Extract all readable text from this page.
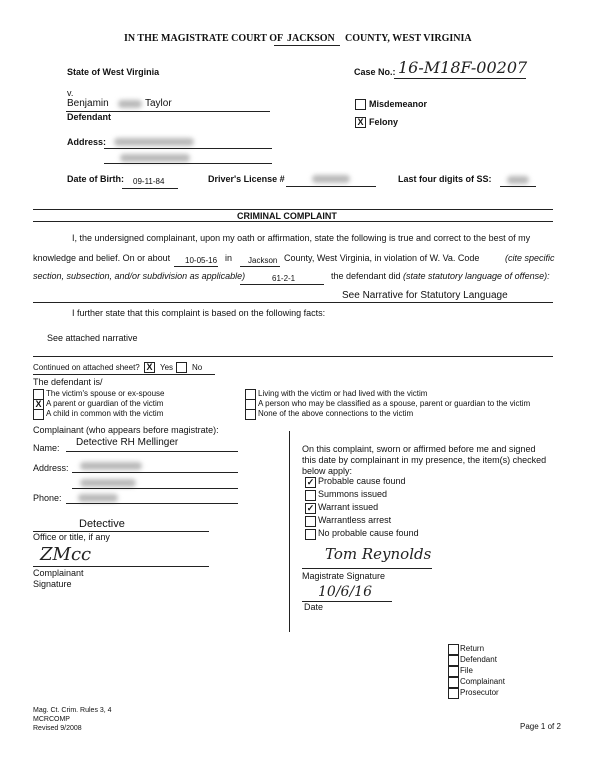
IN THE MAGISTRATE COURT OF JACKSON COUNTY, WEST VIRGINIA
State of West Virginia
v.
Benjamin	Taylor
Defendant
Address:
Case No.: 16-M18F-00207
Misdemeanor
X Felony
Date of Birth: 09-11-84	Driver's License #	Last four digits of SS:
CRIMINAL COMPLAINT
I, the undersigned complainant, upon my oath or affirmation, state the following is true and correct to the best of my
knowledge and belief. On or about 10-05-16 in Jackson County, West Virginia, in violation of W. Va. Code	(cite specific
section, subsection, and/or subdivision as applicable)	61-2-1	the defendant did (state statutory language of offense):
See Narrative for Statutory Language
I further state that this complaint is based on the following facts:
See attached narrative
Continued on attached sheet? X Yes No
The defendant is/
The victim's spouse or ex-spouse
X A parent or guardian of the victim
A child in common with the victim
Living with the victim or had lived with the victim
A person who may be classified as a spouse, parent or guardian to the victim
None of the above connections to the victim
Complainant (who appears before magistrate):
Name: Detective RH Mellinger
Address:
Phone:
Detective
Office or title, if any
ZMcc
Complainant
Signature
On this complaint, sworn or affirmed before me and signed
this date by complainant in my presence, the item(s) checked
below apply:
✓ Probable cause found
Summons issued
✓ Warrant issued
Warrantless arrest
No probable cause found
Tom Reynolds
Magistrate Signature
10/6/16
Date
Return
Defendant
File
Complainant
Prosecutor
Mag. Ct. Crim. Rules 3, 4
MCRCOMP
Revised 9/2008	Page 1 of 2
